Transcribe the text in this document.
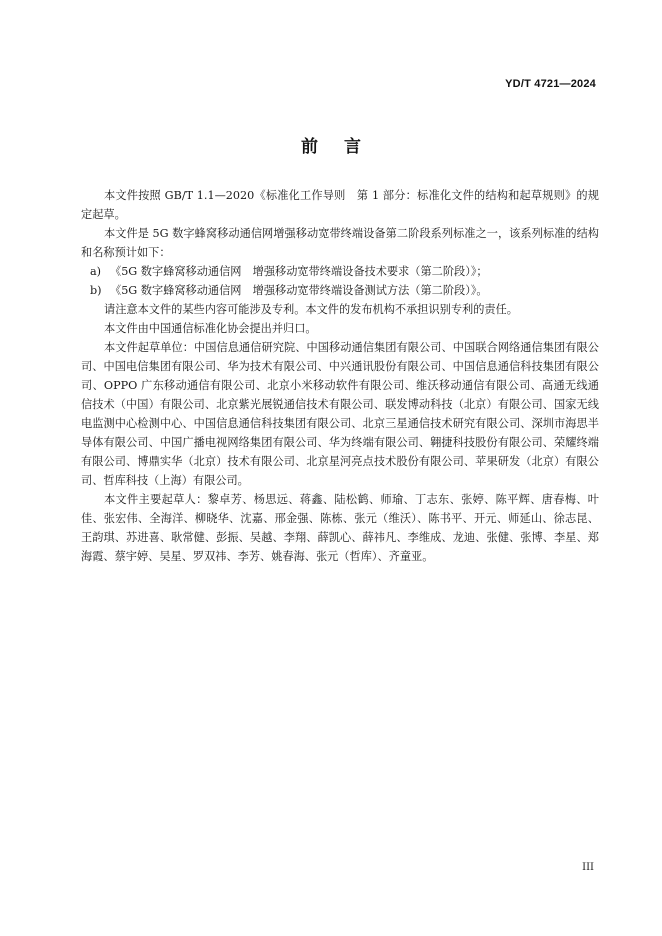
YD/T 4721—2024
前言

本文件按照 GB/T 1.1—2020《标准化工作导则　第 1 部分：标准化文件的结构和起草规则》的规定起草。

本文件是 5G 数字蜂窝移动通信网增强移动宽带终端设备第二阶段系列标准之一，该系列标准的结构和名称预计如下：

a) 《5G 数字蜂窝移动通信网　增强移动宽带终端设备技术要求（第二阶段）》；

b) 《5G 数字蜂窝移动通信网　增强移动宽带终端设备测试方法（第二阶段）》。

请注意本文件的某些内容可能涉及专利。本文件的发布机构不承担识别专利的责任。

本文件由中国通信标准化协会提出并归口。

本文件起草单位：中国信息通信研究院、中国移动通信集团有限公司、中国联合网络通信集团有限公司、中国电信集团有限公司、华为技术有限公司、中兴通讯股份有限公司、中国信息通信科技集团有限公司、OPPO 广东移动通信有限公司、北京小米移动软件有限公司、维沃移动通信有限公司、高通无线通信技术（中国）有限公司、北京紫光展锐通信技术有限公司、联发博动科技（北京）有限公司、国家无线电监测中心检测中心、中国信息通信科技集团有限公司、北京三星通信技术研究有限公司、深圳市海思半导体有限公司、中国广播电视网络集团有限公司、华为终端有限公司、翱捷科技股份有限公司、荣耀终端有限公司、博鼎实华（北京）技术有限公司、北京星河亮点技术股份有限公司、苹果研发（北京）有限公司、哲库科技（上海）有限公司。

本文件主要起草人：黎卓芳、杨思远、蒋鑫、陆松鹤、师瑜、丁志东、张婷、陈平辉、唐春梅、叶佳、张宏伟、全海洋、柳晓华、沈嘉、邢金强、陈栋、张元（维沃）、陈书平、开元、师延山、徐志昆、王韵琪、苏进喜、耿常健、彭振、吴越、李翔、薛凯心、薛祎凡、李维成、龙迪、张健、张博、李星、郑海霞、蔡宇婷、吴星、罗双祎、李芳、姚春海、张元（哲库）、齐童亚。

III
